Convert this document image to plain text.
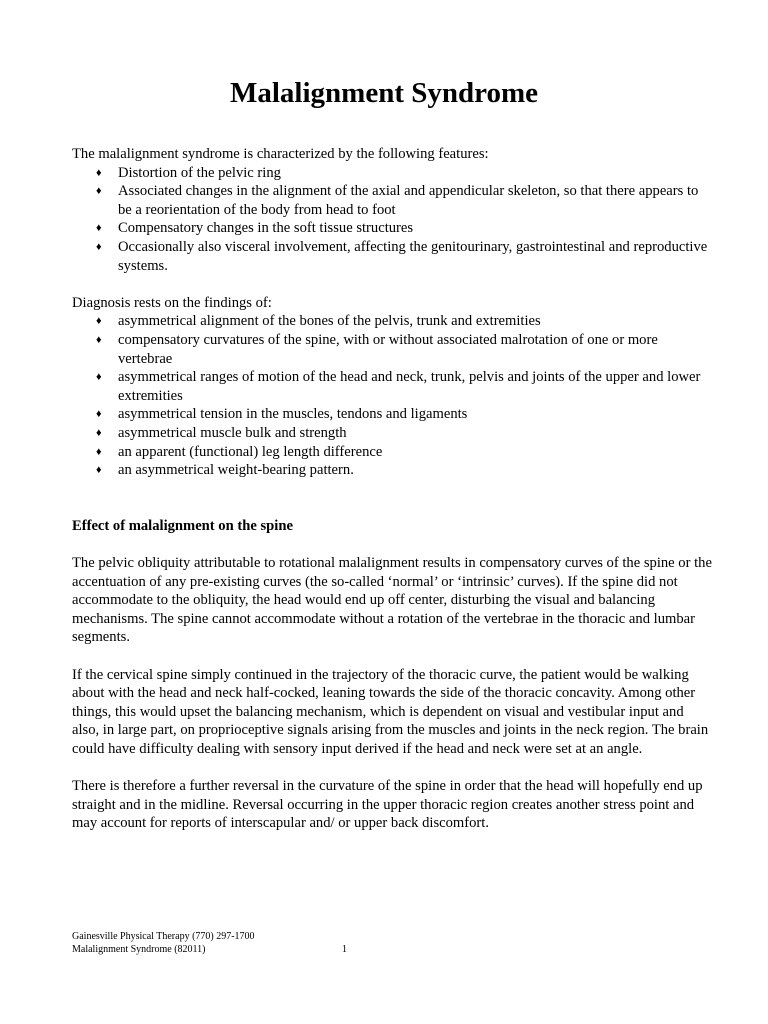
Malalignment Syndrome

The malalignment syndrome is characterized by the following features:

♦ Distortion of the pelvic ring
♦ Associated changes in the alignment of the axial and appendicular skeleton, so that there appears to be a reorientation of the body from head to foot
♦ Compensatory changes in the soft tissue structures
♦ Occasionally also visceral involvement, affecting the genitourinary, gastrointestinal and reproductive systems.

Diagnosis rests on the findings of:

♦ asymmetrical alignment of the bones of the pelvis, trunk and extremities
♦ compensatory curvatures of the spine, with or without associated malrotation of one or more vertebrae
♦ asymmetrical ranges of motion of the head and neck, trunk, pelvis and joints of the upper and lower extremities
♦ asymmetrical tension in the muscles, tendons and ligaments
♦ asymmetrical muscle bulk and strength
♦ an apparent (functional) leg length difference
♦ an asymmetrical weight-bearing pattern.

Effect of malalignment on the spine

The pelvic obliquity attributable to rotational malalignment results in compensatory curves of the spine or the accentuation of any pre-existing curves (the so-called ‘normal’ or ‘intrinsic’ curves). If the spine did not accommodate to the obliquity, the head would end up off center, disturbing the visual and balancing mechanisms. The spine cannot accommodate without a rotation of the vertebrae in the thoracic and lumbar segments.

If the cervical spine simply continued in the trajectory of the thoracic curve, the patient would be walking about with the head and neck half-cocked, leaning towards the side of the thoracic concavity. Among other things, this would upset the balancing mechanism, which is dependent on visual and vestibular input and also, in large part, on proprioceptive signals arising from the muscles and joints in the neck region. The brain could have difficulty dealing with sensory input derived if the head and neck were set at an angle.

There is therefore a further reversal in the curvature of the spine in order that the head will hopefully end up straight and in the midline. Reversal occurring in the upper thoracic region creates another stress point and may account for reports of interscapular and/ or upper back discomfort.

Gainesville Physical Therapy (770) 297-1700
Malalignment Syndrome (82011)	1
